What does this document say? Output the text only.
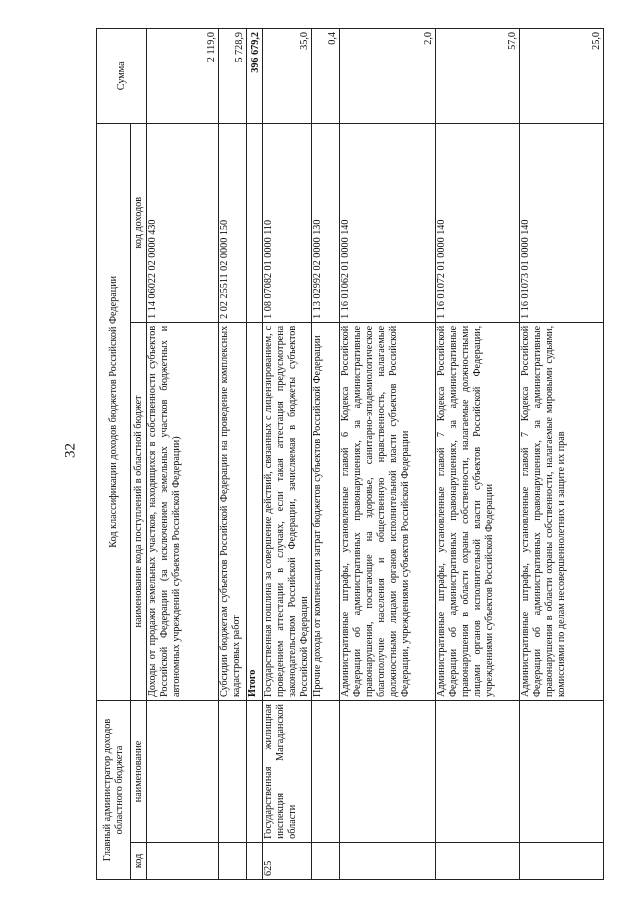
32
Главный администратор доходов областного бюджета		Код классификации доходов бюджетов Российской Федерации		Сумма
код	наименование	наименование кода поступлений в областной бюджет	код доходов	
		Доходы от продажи земельных участков, находящихся в собственности субъектов Российской Федерации (за исключением земельных участков бюджетных и автономных учреждений субъектов Российской Федерации)	1 14 06022 02 0000 430	2 119,0
		Субсидии бюджетам субъектов Российской Федерации на проведение комплексных кадастровых работ	2 02 25511 02 0000 150	5 728,9
		Итого		396 679,2
625	Государственная жилищная инспекция Магаданской области	Государственная пошлина за совершение действий, связанных с лицензированием, с проведением аттестации в случаях, если такая аттестация предусмотрена законодательством Российской Федерации, зачисляемая в бюджеты субъектов Российской Федерации	1 08 07082 01 0000 110	35,0
		Прочие доходы от компенсации затрат бюджетов субъектов Российской Федерации	1 13 02992 02 0000 130	0,4
		Административные штрафы, установленные главой 6 Кодекса Российской Федерации об административных правонарушениях, за административные правонарушения, посягающие на здоровье, санитарно-эпидемиологическое благополучие населения и общественную нравственность, налагаемые должностными лицами органов исполнительной власти субъектов Российской Федерации, учреждениями субъектов Российской Федерации	1 16 01062 01 0000 140	2,0
		Административные штрафы, установленные главой 7 Кодекса Российской Федерации об административных правонарушениях, за административные правонарушения в области охраны собственности, налагаемые должностными лицами органов исполнительной власти субъектов Российской Федерации, учреждениями субъектов Российской Федерации	1 16 01072 01 0000 140	57,0
		Административные штрафы, установленные главой 7 Кодекса Российской Федерации об административных правонарушениях, за административные правонарушения в области охраны собственности, налагаемые мировыми судьями, комиссиями по делам несовершеннолетних и защите их прав	1 16 01073 01 0000 140	25,0
